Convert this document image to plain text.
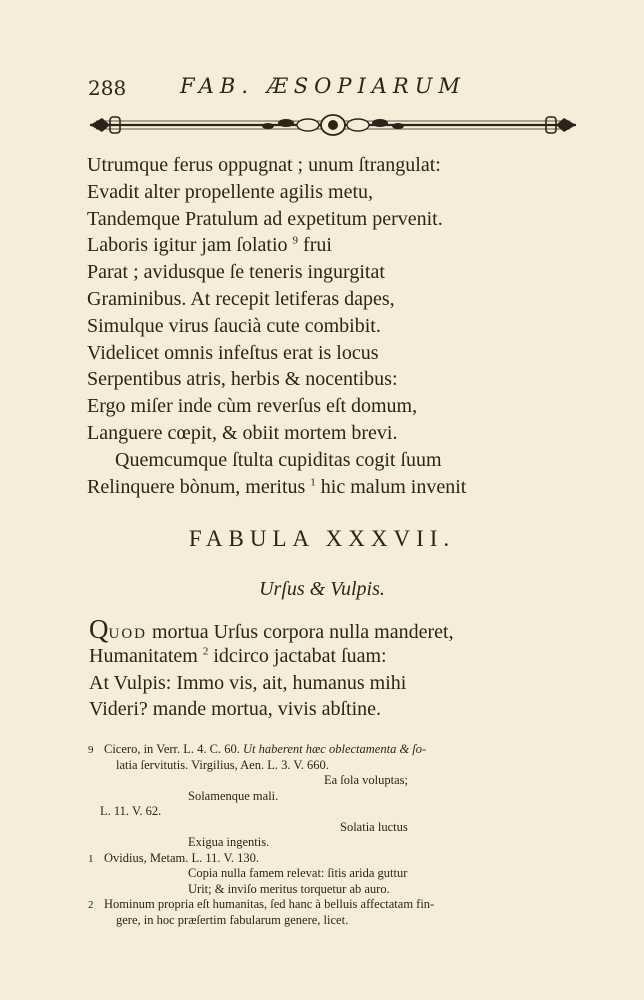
288	FAB. ÆSOPIARUM
Utrumque ferus oppugnat ; unum ſtrangulat:
Evadit alter propellente agilis metu,
Tandemque Pratulum ad expetitum pervenit.
Laboris igitur jam ſolatio $^9$ frui
Parat ; avidusque ſe teneris ingurgitat
Graminibus. At recepit letiferas dapes,
Simulque virus ſaucià cute combibit.
Videlicet omnis infeſtus erat is locus
Serpentibus atris, herbis & nocentibus:
Ergo miſer inde cùm reverſus eſt domum,
Languere cœpit, & obiit mortem brevi.
Quemcumque ſtulta cupiditas cogit ſuum
Relinquere bònum, meritus $^1$ hic malum invenit
FABULA XXXVII.
Urſus & Vulpis.
QUOD mortua Urſus corpora nulla manderet,
Humanitatem $^2$ idcirco jactabat ſuam:
At Vulpis: Immo vis, ait, humanus mihi
Videri? mande mortua, vivis abſtine.
9 Cicero, in Verr. L. 4. C. 60. Ut haberent hæc oblectamenta & ſo-
latia ſervitutis. Virgilius, Aen. L. 3. V. 660.
Ea ſola voluptas;
Solamenque mali.
L. 11. V. 62.
Solatia luctus
Exigua ingentis.
1 Ovidius, Metam. L. 11. V. 130.
Copia nulla famem relevat: ſitis arida guttur
Urit; & inviſo meritus torquetur ab auro.
2 Hominum propria eſt humanitas, ſed hanc à belluis affectatam fin-
gere, in hoc præſertim fabularum genere, licet.
